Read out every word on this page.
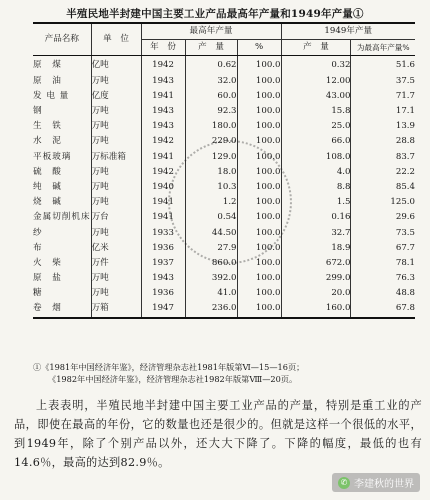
半殖民地半封建中国主要工业产品最高年产量和1949年产量①
产品名称	单　位	最高年产量			1949年产量	
		年　份	产　量	%	产　量	为最高年产量%
原　煤	亿吨	1942	0.62	100.0	0.32	51.6
原　油	万吨	1943	32.0	100.0	12.00	37.5
发 电 量	亿度	1941	60.0	100.0	43.00	71.7
钢	万吨	1943	92.3	100.0	15.8	17.1
生　铁	万吨	1943	180.0	100.0	25.0	13.9
水　泥	万吨	1942	229.0	100.0	66.0	28.8
平板玻璃	万标准箱	1941	129.0	100.0	108.0	83.7
硫　酸	万吨	1942	18.0	100.0	4.0	22.2
纯　碱	万吨	1940	10.3	100.0	8.8	85.4
烧　碱	万吨	1941	1.2	100.0	1.5	125.0
金属切削机床	万台	1941	0.54	100.0	0.16	29.6
纱	万吨	1933	44.50	100.0	32.7	73.5
布	亿米	1936	27.9	100.0	18.9	67.7
火　柴	万件	1937	860.0	100.0	672.0	78.1
原　盐	万吨	1943	392.0	100.0	299.0	76.3
糖	万吨	1936	41.0	100.0	20.0	48.8
卷　烟	万箱	1947	236.0	100.0	160.0	67.8
①《1981年中国经济年鉴》，经济管理杂志社1981年版第Ⅵ—15—16页；
《1982年中国经济年鉴》，经济管理杂志社1982年版第Ⅷ—20页。
上表表明，半殖民地半封建中国主要工业产品的产量，特别是重工业的产品，即使在最高的年份，它的数量也还是很少的。但就是这样一个很低的水平，到1949年，除了个别产品以外，还大大下降了。下降的幅度，最低的也有14.6％，最高的达到82.9％。
✆ 李建秋的世界
